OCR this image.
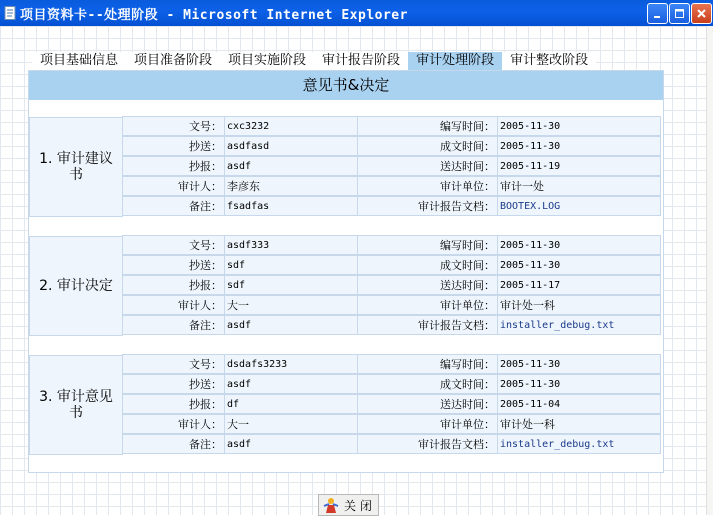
项目资料卡--处理阶段 - Microsoft Internet Explorer
项目基础信息	项目准备阶段	项目实施阶段	审计报告阶段	审计处理阶段	审计整改阶段
意见书&决定
1. 审计建议书
文号： cxc3232	编写时间： 2005-11-30
抄送： asdfasd	成文时间： 2005-11-30
抄报： asdf	送达时间： 2005-11-19
审计人： 李彦东	审计单位： 审计一处
备注： fsadfas	审计报告文档： BOOTEX.LOG
2. 审计决定
文号： asdf333	编写时间： 2005-11-30
抄送： sdf	成文时间： 2005-11-30
抄报： sdf	送达时间： 2005-11-17
审计人： 大一	审计单位： 审计处一科
备注： asdf	审计报告文档： installer_debug.txt
3. 审计意见书
文号： dsdafs3233	编写时间： 2005-11-30
抄送： asdf	成文时间： 2005-11-30
抄报： df	送达时间： 2005-11-04
审计人： 大一	审计单位： 审计处一科
备注： asdf	审计报告文档： installer_debug.txt
关 闭
